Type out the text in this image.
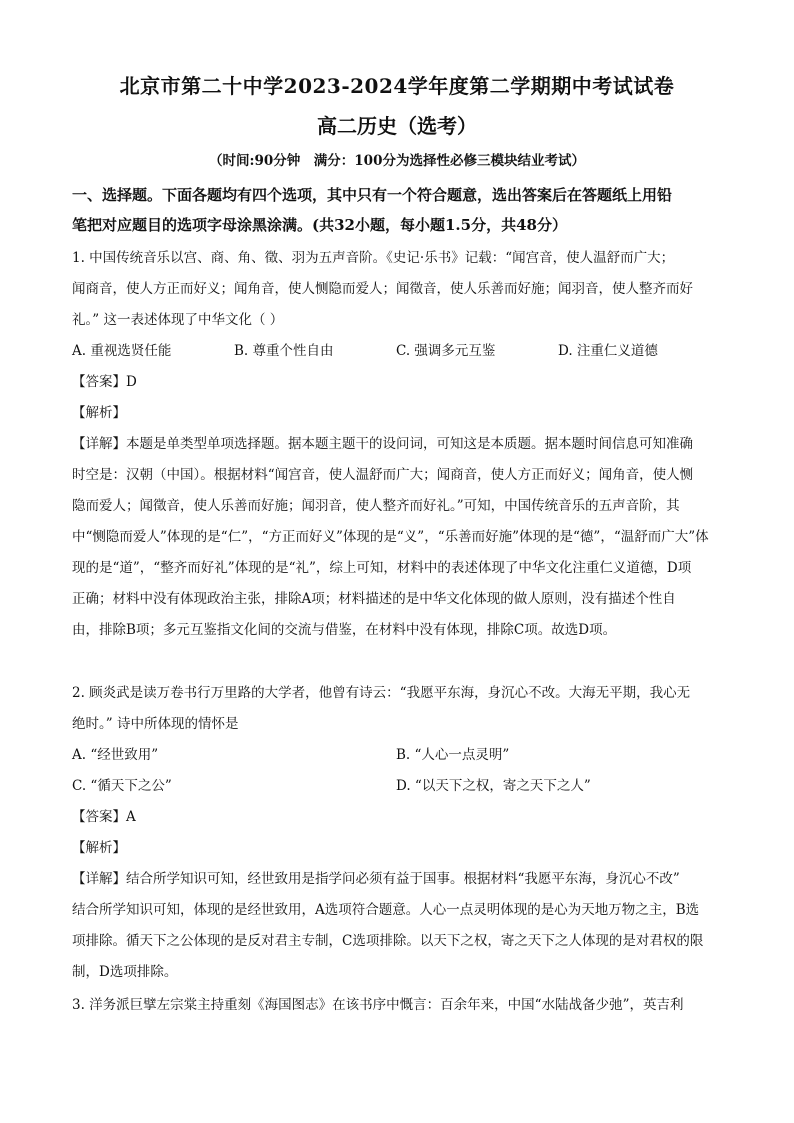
北京市第二十中学2023-2024学年度第二学期期中考试试卷
高二历史（选考）
（时间:90分钟　满分：100分为选择性必修三模块结业考试）
一、选择题。下面各题均有四个选项，其中只有一个符合题意，选出答案后在答题纸上用铅
笔把对应题目的选项字母涂黑涂满。(共32小题，每小题1.5分，共48分）
1. 中国传统音乐以宫、商、角、徵、羽为五声音阶。《史记·乐书》记载：“闻宫音，使人温舒而广大；
闻商音，使人方正而好义；闻角音，使人恻隐而爱人；闻徵音，使人乐善而好施；闻羽音，使人整齐而好
礼。” 这一表述体现了中华文化（ ）
A. 重视选贤任能	B. 尊重个性自由	C. 强调多元互鉴	D. 注重仁义道德
【答案】D
【解析】
【详解】本题是单类型单项选择题。据本题主题干的设问词，可知这是本质题。据本题时间信息可知准确
时空是：汉朝（中国）。根据材料“闻宫音，使人温舒而广大；闻商音，使人方正而好义；闻角音，使人恻
隐而爱人；闻徵音，使人乐善而好施；闻羽音，使人整齐而好礼。”可知，中国传统音乐的五声音阶，其
中“恻隐而爱人”体现的是“仁”，“方正而好义”体现的是“义”，“乐善而好施”体现的是“德”，“温舒而广大”体
现的是“道”，“整齐而好礼”体现的是“礼”，综上可知，材料中的表述体现了中华文化注重仁义道德，D项
正确；材料中没有体现政治主张，排除A项；材料描述的是中华文化体现的做人原则，没有描述个性自
由，排除B项；多元互鉴指文化间的交流与借鉴，在材料中没有体现，排除C项。故选D项。
2. 顾炎武是读万卷书行万里路的大学者，他曾有诗云：“我愿平东海，身沉心不改。大海无平期，我心无
绝时。” 诗中所体现的情怀是
A. “经世致用”	B. “人心一点灵明”
C. “循天下之公”	D. “以天下之权，寄之天下之人”
【答案】A
【解析】
【详解】结合所学知识可知，经世致用是指学问必须有益于国事。根据材料“我愿平东海，身沉心不改”
结合所学知识可知，体现的是经世致用，A选项符合题意。人心一点灵明体现的是心为天地万物之主，B选
项排除。循天下之公体现的是反对君主专制，C选项排除。以天下之权，寄之天下之人体现的是对君权的限
制，D选项排除。
3. 洋务派巨擘左宗棠主持重刻《海国图志》在该书序中慨言：百余年来，中国“水陆战备少弛”，英吉利
